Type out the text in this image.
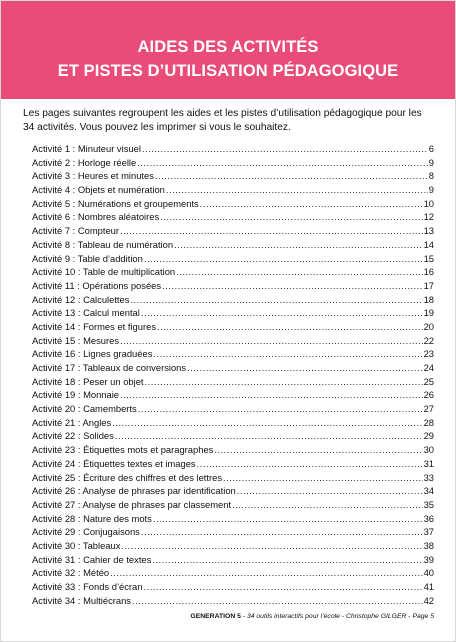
AIDES DES ACTIVITÉS
ET PISTES D’UTILISATION PÉDAGOGIQUE

Les pages suivantes regroupent les aides et les pistes d’utilisation pédagogique pour les 34 activités. Vous pouvez les imprimer si vous le souhaitez.

Activité 1 : Minuteur visuel .....	6
Activité 2 : Horloge réelle .....	9
Activité 3 : Heures et minutes .....	8
Activité 4 : Objets et numération .....	9
Activité 5 : Numérations et groupements .....	10
Activité 6 : Nombres aléatoires .....	12
Activité 7 : Compteur .....	13
Activité 8 : Tableau de numération .....	14
Activité 9 : Table d’addition .....	15
Activité 10 : Table de multiplication .....	16
Activité 11 : Opérations posées .....	17
Activité 12 : Calculettes .....	18
Activité 13 : Calcul mental .....	19
Activité 14 : Formes et figures .....	20
Activité 15 : Mesures .....	22
Activité 16 : Lignes graduées .....	23
Activité 17 : Tableaux de conversions .....	24
Activité 18 : Peser un objet .....	25
Activité 19 : Monnaie .....	26
Activité 20 : Camemberts .....	27
Activité 21 : Angles .....	28
Activité 22 : Solides .....	29
Activité 23 : Étiquettes mots et paragraphes .....	30
Activité 24 : Étiquettes textes et images .....	31
Activité 25 : Écriture des chiffres et des lettres .....	33
Activité 26 : Analyse de phrases par identification .....	34
Activité 27 : Analyse de phrases par classement .....	35
Activité 28 : Nature des mots .....	36
Activité 29 : Conjugaisons .....	37
Activité 30 : Tableaux .....	38
Activité 31 : Cahier de textes .....	39
Activité 32 : Météo .....	40
Activité 33 : Fonds d’écran .....	41
Activité 34 : Multiécrans .....	42
GENERATION 5 - 34 outils interactifs pour l’école - Christophe GILGER - Page 5
